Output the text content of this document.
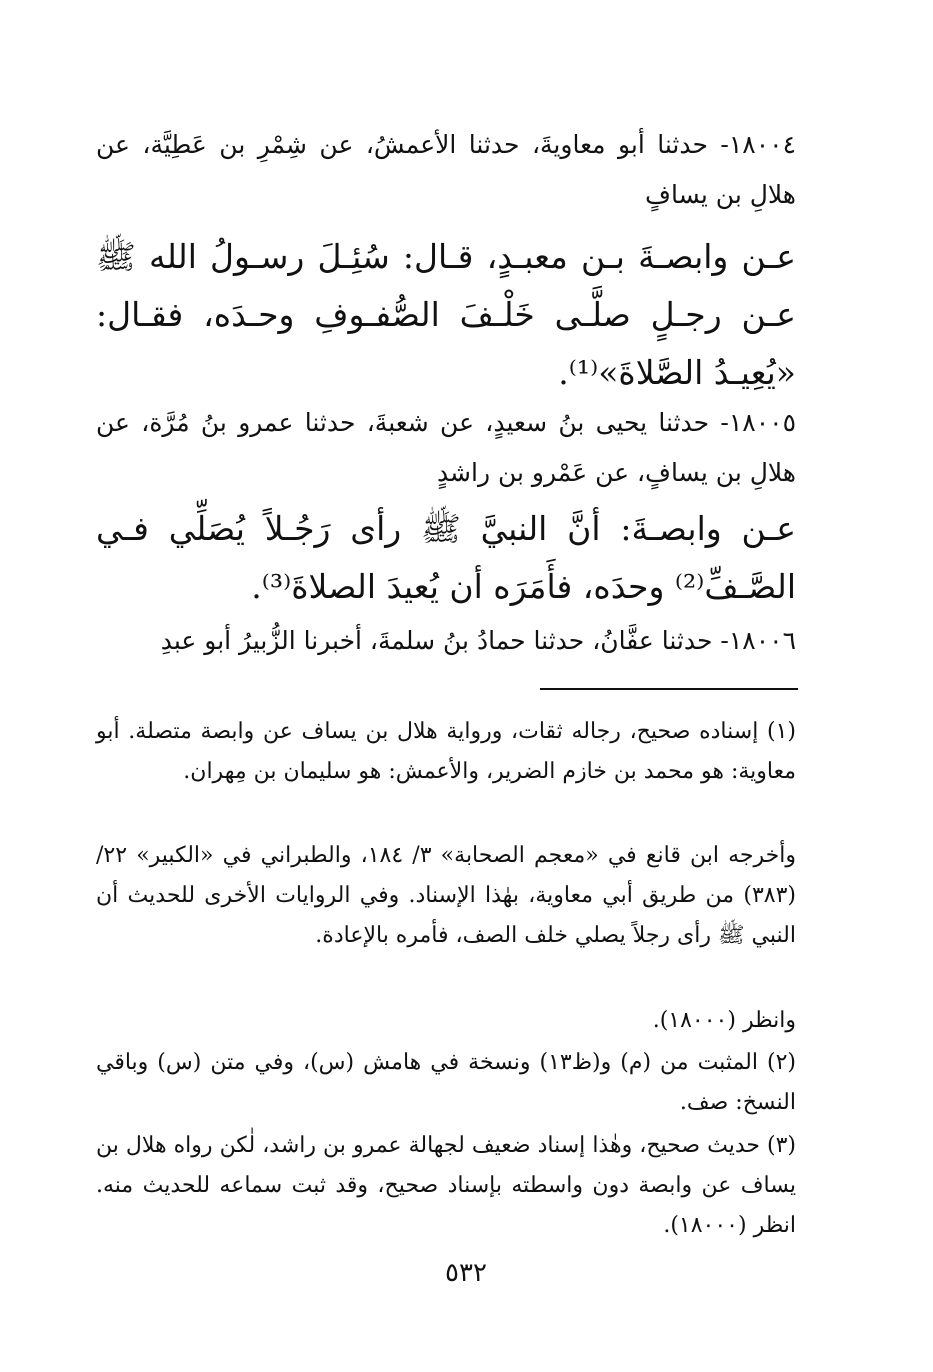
١٨٠٠٤- حدثنا أبو معاويةَ، حدثنا الأعمشُ، عن شِمْرِ بن عَطِيَّة، عن هلالِ بن يسافٍ

عـن وابصـةَ بـن معبـدٍ، قـال: سُئِـلَ رسـولُ الله ﷺ عـن رجـلٍ صلَّـى خَلْـفَ الصُّفـوفِ وحـدَه، فقـال: «يُعِيـدُ الصَّلاةَ»⁽¹⁾.

١٨٠٠٥- حدثنا يحيى بنُ سعيدٍ، عن شعبةَ، حدثنا عمرو بنُ مُرَّة، عن هلالِ بن يسافٍ، عن عَمْرو بن راشدٍ

عـن وابصـةَ: أنَّ النبيَّ ﷺ رأى رَجُـلاً يُصَلِّي فـي الصَّـفِّ⁽²⁾ وحدَه، فأَمَرَه أن يُعيدَ الصلاةَ⁽³⁾.

١٨٠٠٦- حدثنا عفَّانُ، حدثنا حمادُ بنُ سلمةَ، أخبرنا الزُّبيرُ أبو عبدِ

(١) إسناده صحيح، رجاله ثقات، ورواية هلال بن يساف عن وابصة متصلة. أبو معاوية: هو محمد بن خازم الضرير، والأعمش: هو سليمان بن مِهران.

وأخرجه ابن قانع في «معجم الصحابة» ٣/ ١٨٤، والطبراني في «الكبير» ٢٢/ (٣٨٣) من طريق أبي معاوية، بهٰذا الإسناد. وفي الروايات الأخرى للحديث أن النبي ﷺ رأى رجلاً يصلي خلف الصف، فأمره بالإعادة.

وانظر (١٨٠٠٠).

(٢) المثبت من (م) و(ظ١٣) ونسخة في هامش (س)، وفي متن (س) وباقي النسخ: صف.

(٣) حديث صحيح، وهٰذا إسناد ضعيف لجهالة عمرو بن راشد، لٰكن رواه هلال بن يساف عن وابصة دون واسطته بإسناد صحيح، وقد ثبت سماعه للحديث منه. انظر (١٨٠٠٠).

٥٣٢
